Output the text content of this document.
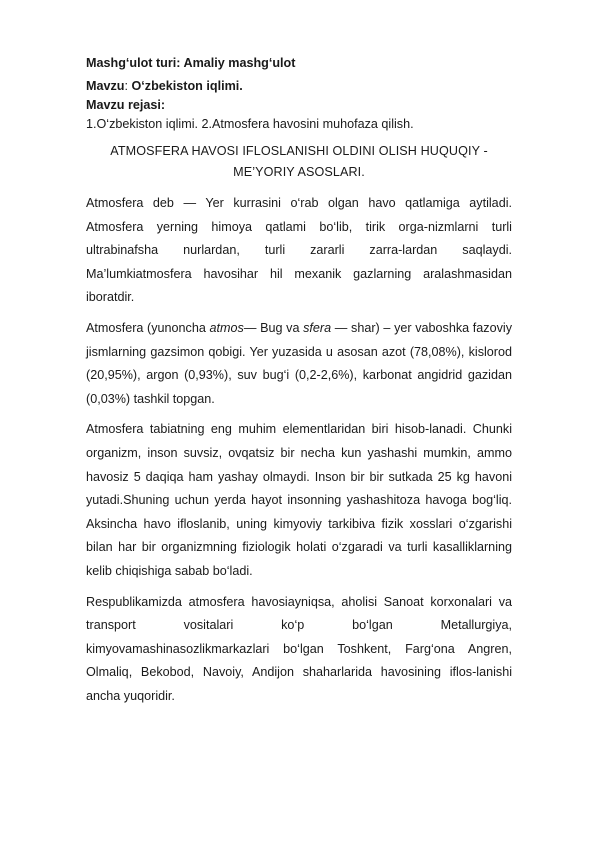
Mashg‘ulot turi: Amaliy mashg‘ulot
Mavzu: O‘zbekiston iqlimi.
Mavzu rejasi:
1.O‘zbekiston iqlimi. 2.Atmosfera havosini muhofaza qilish.
ATMOSFERA HAVOSI IFLOSLANISHI OLDINI OLISH HUQUQIY -
ME’YORIY ASOSLARI.

Atmosfera deb — Yer kurrasini o‘rab olgan havo qatlamiga aytiladi. Atmosfera yerning himoya qatlami bo‘lib, tirik orga-nizmlarni turli ultrabinafsha nurlardan, turli zararli zarra-lardan saqlaydi. Ma’lumkiatmosfera havosihar hil mexanik gazlarning aralashmasidan iboratdir.

Atmosfera (yunoncha atmos— Bug va sfera — shar) – yer vaboshka fazoviy jismlarning gazsimon qobigi. Yer yuzasida u asosan azot (78,08%), kislorod (20,95%), argon (0,93%), suv bug‘i (0,2-2,6%), karbonat angidrid gazidan (0,03%) tashkil topgan.

Atmosfera tabiatning eng muhim elementlaridan biri hisob-lanadi. Chunki organizm, inson suvsiz, ovqatsiz bir necha kun yashashi mumkin, ammo havosiz 5 daqiqa ham yashay olmaydi. Inson bir bir sutkada 25 kg havoni yutadi.Shuning uchun yerda hayot insonning yashashitoza havoga bog‘liq. Aksincha havo ifloslanib, uning kimyoviy tarkibiva fizik xosslari o‘zgarishi bilan har bir organizmning fiziologik holati o‘zgaradi va turli kasalliklarning kelib chiqishiga sabab bo‘ladi.

Respublikamizda atmosfera havosiayniqsa, aholisi Sanoat korxonalari va transport vositalari ko‘p bo‘lgan Metallurgiya, kimyovamashinasozlikmarkazlari bo‘lgan Toshkent, Farg‘ona Angren, Olmaliq, Bekobod, Navoiy, Andijon shaharlarida havosining iflos-lanishi ancha yuqoridir.
